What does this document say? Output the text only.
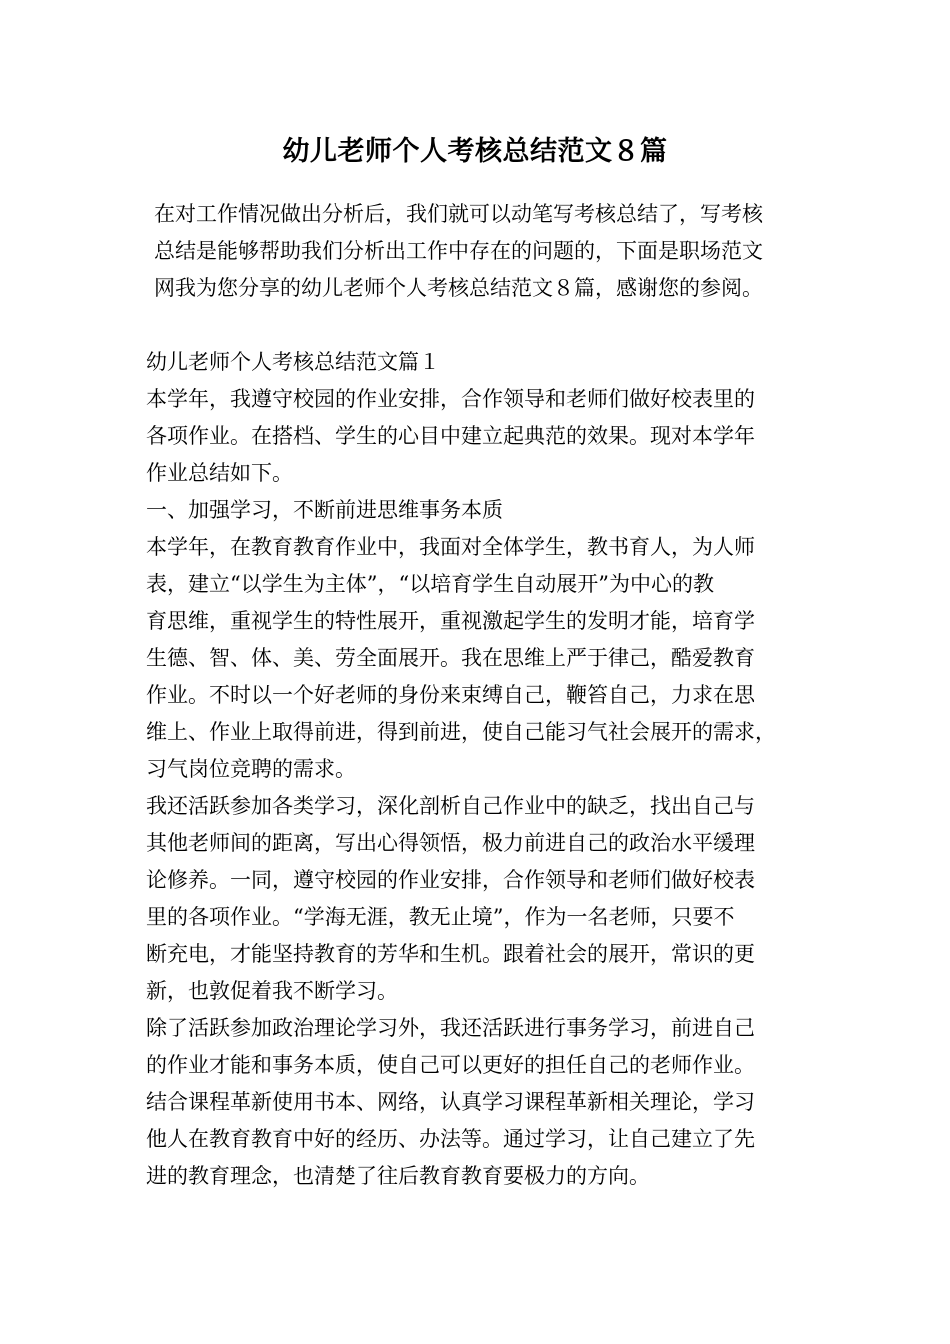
幼儿老师个人考核总结范文８篇

在对工作情况做出分析后，我们就可以动笔写考核总结了，写考核
总结是能够帮助我们分析出工作中存在的问题的，下面是职场范文
网我为您分享的幼儿老师个人考核总结范文８篇，感谢您的参阅。

幼儿老师个人考核总结范文篇１

本学年，我遵守校园的作业安排，合作领导和老师们做好校表里的
各项作业。在搭档、学生的心目中建立起典范的效果。现对本学年
作业总结如下。

一、加强学习，不断前进思维事务本质

本学年，在教育教育作业中，我面对全体学生，教书育人，为人师
表，建立“以学生为主体”，“以培育学生自动展开”为中心的教
育思维，重视学生的特性展开，重视激起学生的发明才能，培育学
生德、智、体、美、劳全面展开。我在思维上严于律己，酷爱教育
作业。不时以一个好老师的身份来束缚自己，鞭笞自己，力求在思
维上、作业上取得前进，得到前进，使自己能习气社会展开的需求，
习气岗位竞聘的需求。

我还活跃参加各类学习，深化剖析自己作业中的缺乏，找出自己与
其他老师间的距离，写出心得领悟，极力前进自己的政治水平缓理
论修养。一同，遵守校园的作业安排，合作领导和老师们做好校表
里的各项作业。“学海无涯，教无止境”，作为一名老师，只要不
断充电，才能坚持教育的芳华和生机。跟着社会的展开，常识的更
新，也敦促着我不断学习。

除了活跃参加政治理论学习外，我还活跃进行事务学习，前进自己
的作业才能和事务本质，使自己可以更好的担任自己的老师作业。
结合课程革新使用书本、网络，认真学习课程革新相关理论，学习
他人在教育教育中好的经历、办法等。通过学习，让自己建立了先
进的教育理念，也清楚了往后教育教育要极力的方向。
